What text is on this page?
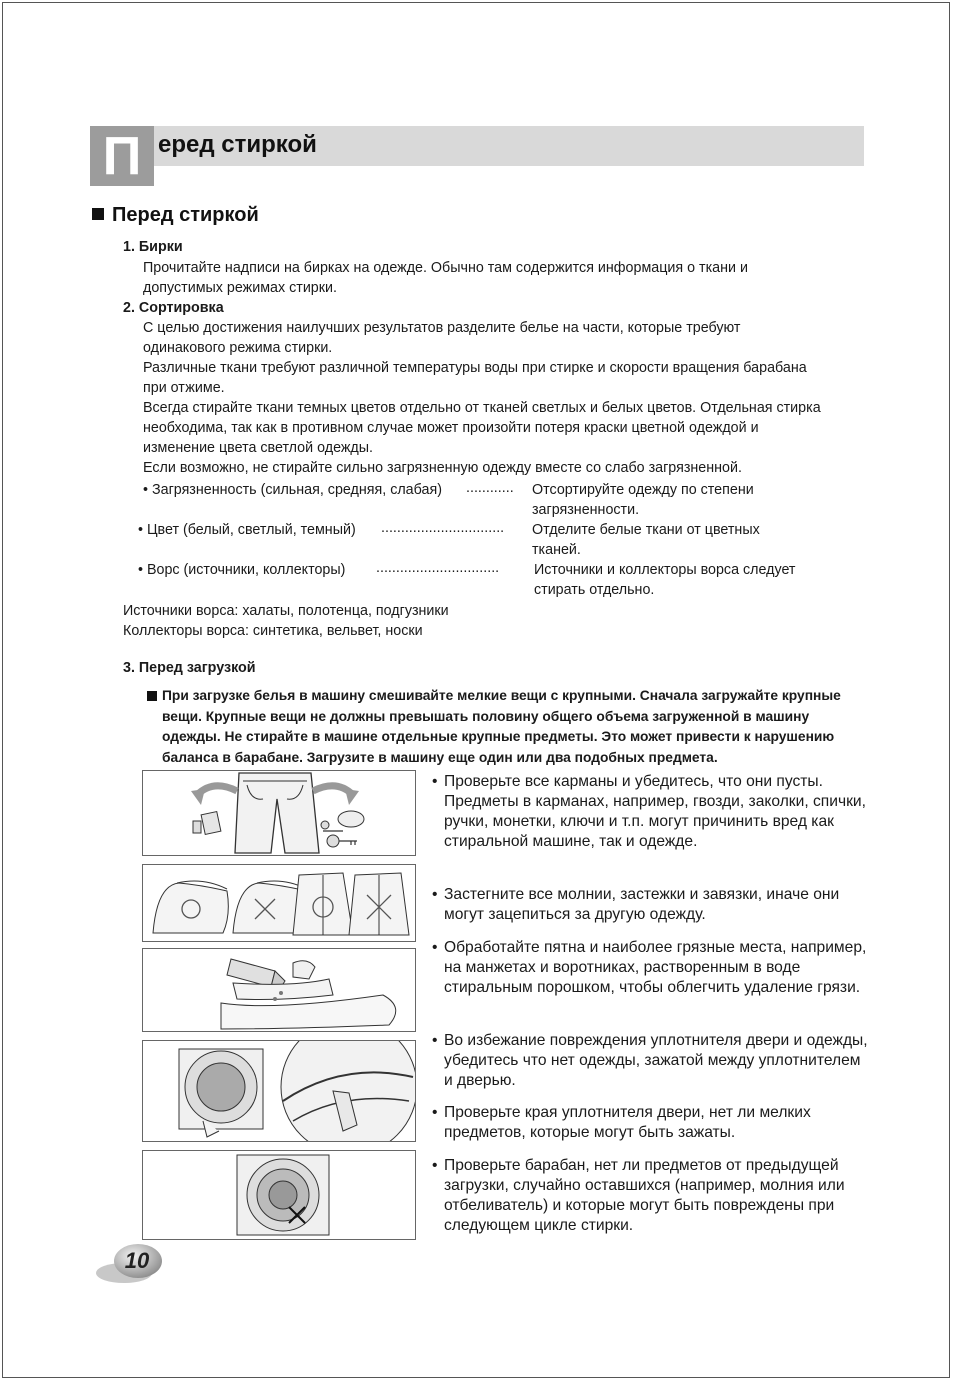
П еред стиркой
Перед стиркой
1. Бирки
Прочитайте надписи на бирках на одежде. Обычно там содержится информация о ткани и
допустимых режимах стирки.
2. Сортировка
С целью достижения наилучших результатов разделите белье на части, которые требуют
одинакового режима стирки.
Различные ткани требуют различной температуры воды при стирке и скорости вращения барабана
при отжиме.
Всегда стирайте ткани темных цветов отдельно от тканей светлых и белых цветов. Отдельная стирка
необходима, так как в противном случае может произойти потеря краски цветной одеждой и
изменение цвета светлой одежды.
Если возможно, не стирайте сильно загрязненную одежду вместе со слабо загрязненной.
• Загрязненность (сильная, средняя, слабая) ............ Отсортируйте одежду по степени
загрязненности.
• Цвет (белый, светлый, темный) ............................... Отделите белые ткани от цветных
тканей.
• Ворс (источники, коллекторы) ............................... Источники и коллекторы ворса следует
стирать отдельно.
Источники ворса: халаты, полотенца, подгузники
Коллекторы ворса: синтетика, вельвет, носки
3. Перед загрузкой
При загрузке белья в машину смешивайте мелкие вещи с крупными. Сначала загружайте крупные вещи. Крупные вещи не должны превышать половину общего объема загруженной в машину одежды. Не стирайте в машине отдельные крупные предметы. Это может привести к нарушению баланса в барабане. Загрузите в машину еще один или два подобных предмета.
• Проверьте все карманы и убедитесь, что они пусты. Предметы в карманах, например, гвозди, заколки, спички, ручки, монетки, ключи и т.п. могут причинить вред как стиральной машине, так и одежде.
• Застегните все молнии, застежки и завязки, иначе они могут зацепиться за другую одежду.
• Обработайте пятна и наиболее грязные места, например, на манжетах и воротниках, растворенным в воде стиральным порошком, чтобы облегчить удаление грязи.
• Во избежание повреждения уплотнителя двери и одежды, убедитесь что нет одежды, зажатой между уплотнителем и дверью.
• Проверьте края уплотнителя двери, нет ли мелких предметов, которые могут быть зажаты.
• Проверьте барабан, нет ли предметов от предыдущей загрузки, случайно оставшихся (например, молния или отбеливатель) и которые могут быть повреждены при следующем цикле стирки.
10
